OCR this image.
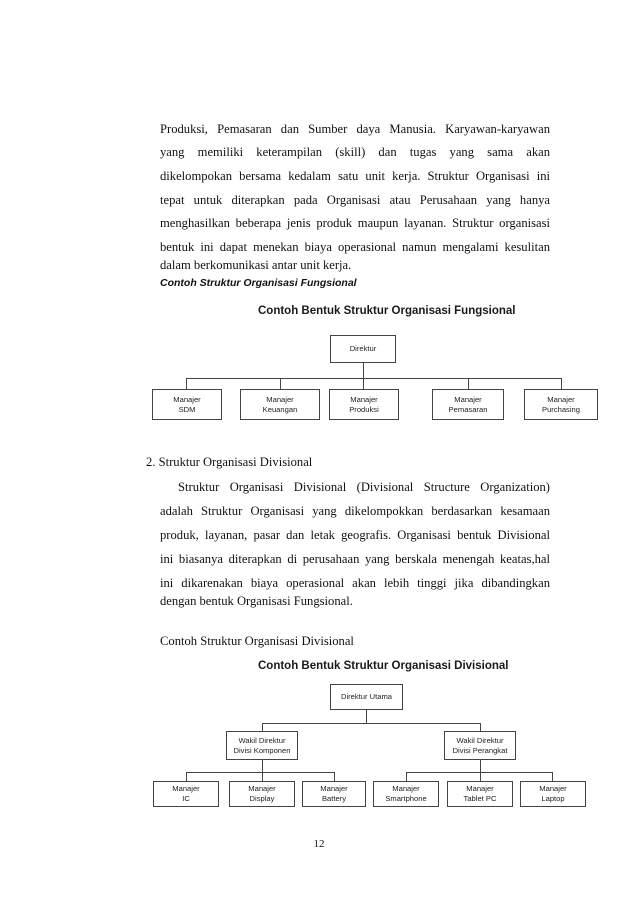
Produksi, Pemasaran dan Sumber daya Manusia. Karyawan-karyawan
yang memiliki keterampilan (skill) dan tugas yang sama akan
dikelompokan bersama kedalam satu unit kerja. Struktur Organisasi ini
tepat untuk diterapkan pada Organisasi atau Perusahaan yang hanya
menghasilkan beberapa jenis produk maupun layanan. Struktur organisasi
bentuk ini dapat menekan biaya operasional namun mengalami kesulitan
dalam berkomunikasi antar unit kerja.
Contoh Struktur Organisasi Fungsional
Contoh Bentuk Struktur Organisasi Fungsional
Direktur
Manajer
SDM
Manajer
Keuangan
Manajer
Produksi
Manajer
Pemasaran
Manajer
Purchasing
2. Struktur Organisasi Divisional
Struktur Organisasi Divisional (Divisional Structure Organization)
adalah Struktur Organisasi yang dikelompokkan berdasarkan kesamaan
produk, layanan, pasar dan letak geografis. Organisasi bentuk Divisional
ini biasanya diterapkan di perusahaan yang berskala menengah keatas,hal
ini dikarenakan biaya operasional akan lebih tinggi jika dibandingkan
dengan bentuk Organisasi Fungsional.
Contoh Struktur Organisasi Divisional
Contoh Bentuk Struktur Organisasi Divisional
Direktur Utama
Wakil Direktur
Divisi Komponen
Wakil Direktur
Divisi Perangkat
Manajer
IC
Manajer
Display
Manajer
Battery
Manajer
Smartphone
Manajer
Tablet PC
Manajer
Laptop
12
